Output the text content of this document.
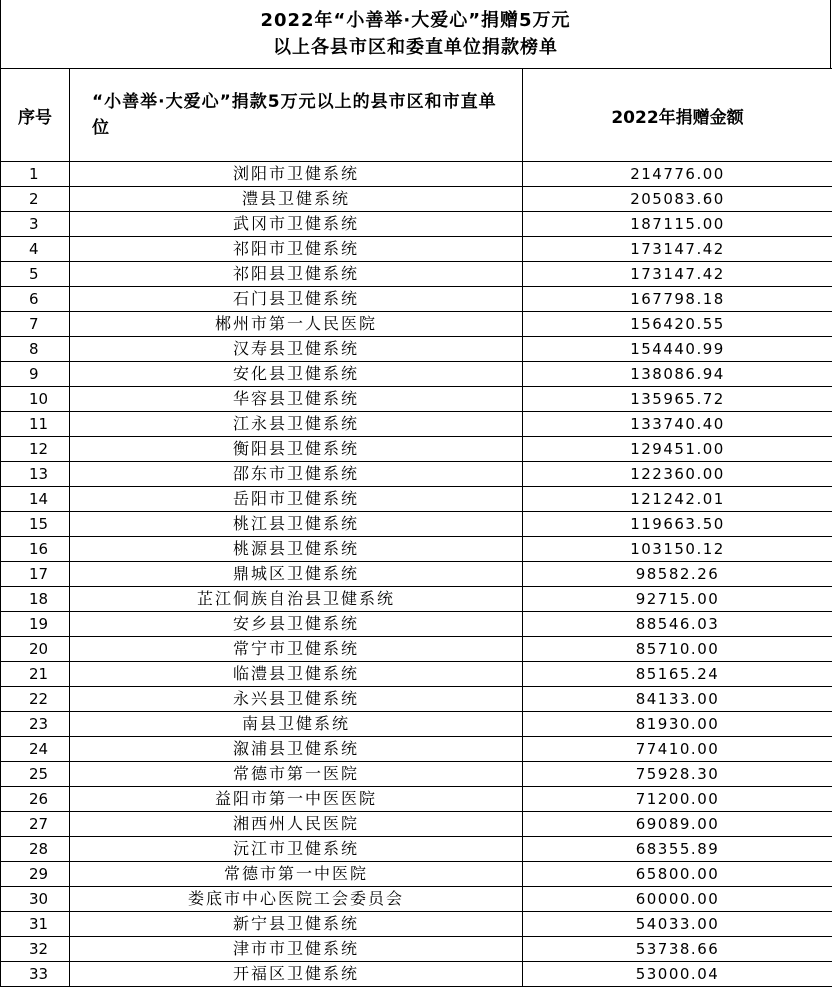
2022年“小善举·大爱心”捐赠5万元
以上各县市区和委直单位捐款榜单
序号	“小善举·大爱心”捐款5万元以上的县市区和市直单位	2022年捐赠金额
1	浏阳市卫健系统	214776.00
2	澧县卫健系统	205083.60
3	武冈市卫健系统	187115.00
4	祁阳市卫健系统	173147.42
5	祁阳县卫健系统	173147.42
6	石门县卫健系统	167798.18
7	郴州市第一人民医院	156420.55
8	汉寿县卫健系统	154440.99
9	安化县卫健系统	138086.94
10	华容县卫健系统	135965.72
11	江永县卫健系统	133740.40
12	衡阳县卫健系统	129451.00
13	邵东市卫健系统	122360.00
14	岳阳市卫健系统	121242.01
15	桃江县卫健系统	119663.50
16	桃源县卫健系统	103150.12
17	鼎城区卫健系统	98582.26
18	芷江侗族自治县卫健系统	92715.00
19	安乡县卫健系统	88546.03
20	常宁市卫健系统	85710.00
21	临澧县卫健系统	85165.24
22	永兴县卫健系统	84133.00
23	南县卫健系统	81930.00
24	溆浦县卫健系统	77410.00
25	常德市第一医院	75928.30
26	益阳市第一中医医院	71200.00
27	湘西州人民医院	69089.00
28	沅江市卫健系统	68355.89
29	常德市第一中医院	65800.00
30	娄底市中心医院工会委员会	60000.00
31	新宁县卫健系统	54033.00
32	津市市卫健系统	53738.66
33	开福区卫健系统	53000.04
